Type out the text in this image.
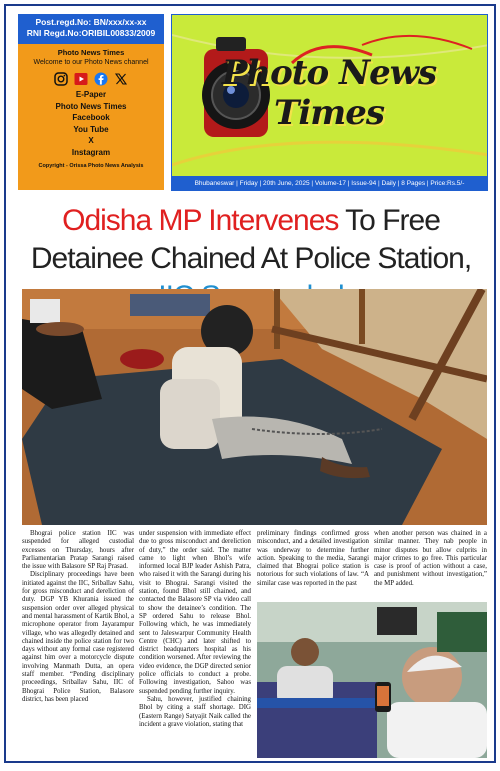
Post.regd.No: BN/xxx/xx-xx
RNI Regd.No:ORIBIL00833/2009
Photo News Times
Welcome to our Photo News channel
E-Paper
Photo News Times
Facebook
You Tube
X
Instagram
Copyright - Orissa Photo News Analysis
Photo News Times
Bhubaneswar | Friday | 20th June, 2025 | Volume-17 | Issue-94 | Daily | 8 Pages | Price:Rs.5/-
Odisha MP Intervenes To Free Detainee Chained At Police Station,

Bhograi police station IIC was suspended for alleged custodial excesses on Thursday, hours after Parliamentarian Pratap Sarangi raised the issue with Balasore SP Raj Prasad.

Disciplinary proceedings have been initiated against the IIC, Sriballav Sahu, for gross misconduct and dereliction of duty. DGP YB Khurania issued the suspension order over alleged physical and mental harassment of Kartik Bhol, a microphone operator from Jayarampur village, who was allegedly detained and chained inside the police station for two days without any formal case registered against him over a motorcycle dispute involving Manmath Dutta, an opera staff member. “Pending disciplinary proceedings, Sriballav Sahu, IIC of Bhograi Police Station, Balasore district, has been placed

under suspension with immediate effect due to gross misconduct and dereliction of duty,” the order said. The matter came to light when Bhol’s wife informed local BJP leader Ashish Patra, who raised it with the Sarangi during his visit to Bhograi. Sarangi visited the station, found Bhol still chained, and contacted the Balasore SP via video call to show the detainee’s condition. The SP ordered Sahu to release Bhol. Following which, he was immediately sent to Jaleswarpur Community Health Centre (CHC) and later shifted to district headquarters hospital as his condition worsened. After reviewing the video evidence, the DGP directed senior police officials to conduct a probe. Following investigation, Sahoo was suspended pending further inquiry.

Sahu, however, justified chaining Bhol by citing a staff shortage. DIG (Eastern Range) Satyajit Naik called the incident a grave violation, stating that

preliminary findings confirmed gross misconduct, and a detailed investigation was underway to determine further action. Speaking to the media, Sarangi claimed that Bhograi police station is notorious for such violations of law. “A similar case was reported in the past

when another person was chained in a similar manner. They nab people in minor disputes but allow culprits in major crimes to go free. This particular case is proof of action without a case, and punishment without investigation,” the MP added.
